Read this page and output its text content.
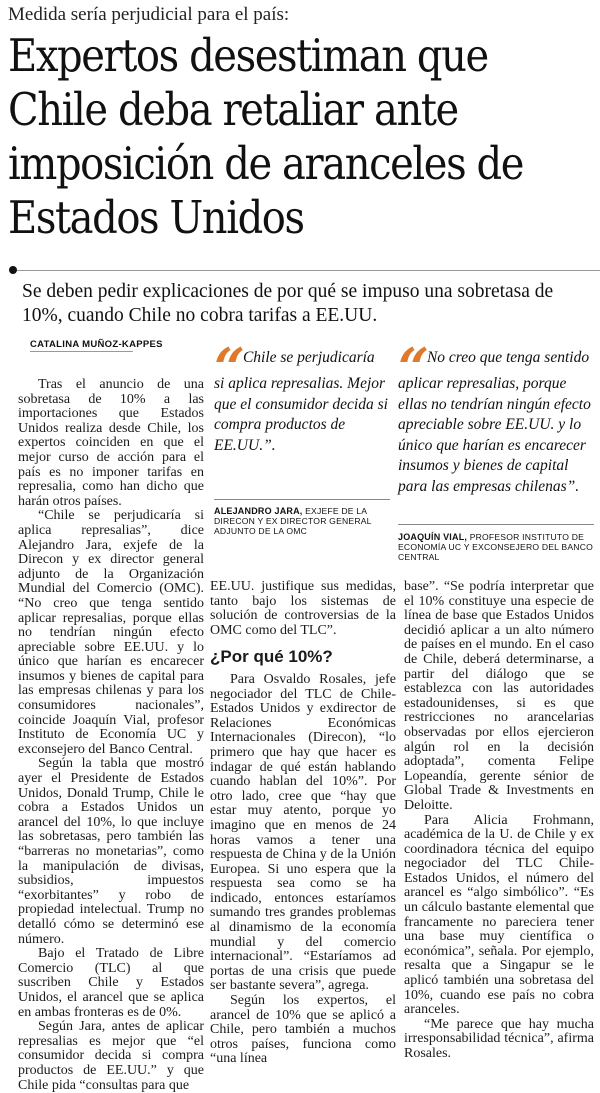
Medida sería perjudicial para el país:
Expertos desestiman que Chile deba retaliar ante imposición de aranceles de Estados Unidos
Se deben pedir explicaciones de por qué se impuso una sobretasa de 10%, cuando Chile no cobra tarifas a EE.UU.
CATALINA MUÑOZ-KAPPES “ Chile se perjudicaría si aplica represalias. Mejor que el consumidor decida si compra productos de EE.UU.”.
ALEJANDRO JARA, EXJEFE DE LA DIRECON Y EX DIRECTOR GENERAL ADJUNTO DE LA OMC
“ No creo que tenga sentido aplicar represalias, porque ellas no tendrían ningún efecto apreciable sobre EE.UU. y lo único que harían es encarecer insumos y bienes de capital para las empresas chilenas”.
JOAQUÍN VIAL, PROFESOR INSTITUTO DE ECONOMÍA UC Y EXCONSEJERO DEL BANCO CENTRAL

Tras el anuncio de una sobretasa de 10% a las importaciones que Estados Unidos realiza desde Chile, los expertos coinciden en que el mejor curso de acción para el país es no imponer tarifas en represalia, como han dicho que harán otros países.

“Chile se perjudicaría si aplica represalias”, dice Alejandro Jara, exjefe de la Direcon y ex director general adjunto de la Organización Mundial del Comercio (OMC). “No creo que tenga sentido aplicar represalias, porque ellas no tendrían ningún efecto apreciable sobre EE.UU. y lo único que harían es encarecer insumos y bienes de capital para las empresas chilenas y para los consumidores nacionales”, coincide Joaquín Vial, profesor Instituto de Economía UC y exconsejero del Banco Central.

Según la tabla que mostró ayer el Presidente de Estados Unidos, Donald Trump, Chile le cobra a Estados Unidos un arancel del 10%, lo que incluye las sobretasas, pero también las “barreras no monetarias”, como la manipulación de divisas, subsidios, impuestos “exorbitantes” y robo de propiedad intelectual. Trump no detalló cómo se determinó ese número.

Bajo el Tratado de Libre Comercio (TLC) al que suscriben Chile y Estados Unidos, el arancel que se aplica en ambas fronteras es de 0%.

Según Jara, antes de aplicar represalias es mejor que “el consumidor decida si compra productos de EE.UU.” y que Chile pida “consultas para que

EE.UU. justifique sus medidas, tanto bajo los sistemas de solución de controversias de la OMC como del TLC”.

¿Por qué 10%?

Para Osvaldo Rosales, jefe negociador del TLC de Chile-Estados Unidos y exdirector de Relaciones Económicas Internacionales (Direcon), “lo primero que hay que hacer es indagar de qué están hablando cuando hablan del 10%”. Por otro lado, cree que “hay que estar muy atento, porque yo imagino que en menos de 24 horas vamos a tener una respuesta de China y de la Unión Europea. Si uno espera que la respuesta sea como se ha indicado, entonces estaríamos sumando tres grandes problemas al dinamismo de la economía mundial y del comercio internacional”. “Estaríamos ad portas de una crisis que puede ser bastante severa”, agrega.

Según los expertos, el arancel de 10% que se aplicó a Chile, pero también a muchos otros países, funciona como “una línea

base”. “Se podría interpretar que el 10% constituye una especie de línea de base que Estados Unidos decidió aplicar a un alto número de países en el mundo. En el caso de Chile, deberá determinarse, a partir del diálogo que se establezca con las autoridades estadounidenses, si es que restricciones no arancelarias observadas por ellos ejercieron algún rol en la decisión adoptada”, comenta Felipe Lopeandía, gerente sénior de Global Trade & Investments en Deloitte.

Para Alicia Frohmann, académica de la U. de Chile y ex coordinadora técnica del equipo negociador del TLC Chile-Estados Unidos, el número del arancel es “algo simbólico”. “Es un cálculo bastante elemental que francamente no pareciera tener una base muy científica o económica”, señala. Por ejemplo, resalta que a Singapur se le aplicó también una sobretasa del 10%, cuando ese país no cobra aranceles.

“Me parece que hay mucha irresponsabilidad técnica”, afirma Rosales.
